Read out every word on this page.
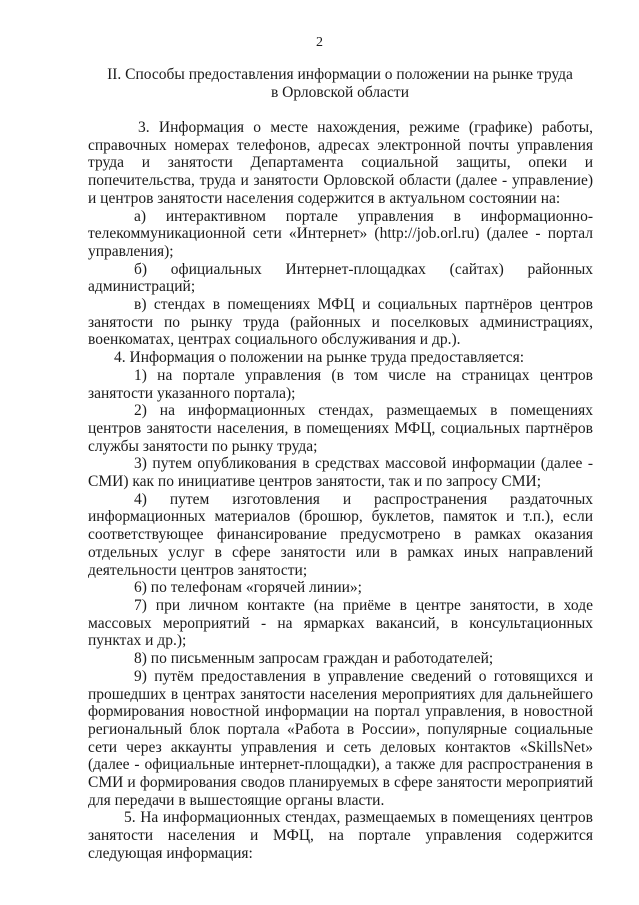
2
II. Способы предоставления информации о положении на рынке труда
в Орловской области

3. Информация о месте нахождения, режиме (графике) работы, справочных номерах телефонов, адресах электронной почты управления труда и занятости Департамента социальной защиты, опеки и попечительства, труда и занятости Орловской области (далее - управление) и центров занятости населения содержится в актуальном состоянии на:

а) интерактивном портале управления в информационно-телекоммуникационной сети «Интернет» (http://job.orl.ru) (далее - портал управления);

б) официальных Интернет-площадках (сайтах) районных администраций;

в) стендах в помещениях МФЦ и социальных партнёров центров занятости по рынку труда (районных и поселковых администрациях, военкоматах, центрах социального обслуживания и др.).

4. Информация о положении на рынке труда предоставляется:

1) на портале управления (в том числе на страницах центров занятости указанного портала);

2) на информационных стендах, размещаемых в помещениях центров занятости населения, в помещениях МФЦ, социальных партнёров службы занятости по рынку труда;

3) путем опубликования в средствах массовой информации (далее - СМИ) как по инициативе центров занятости, так и по запросу СМИ;

4) путем изготовления и распространения раздаточных информационных материалов (брошюр, буклетов, памяток и т.п.), если соответствующее финансирование предусмотрено в рамках оказания отдельных услуг в сфере занятости или в рамках иных направлений деятельности центров занятости;

6) по телефонам «горячей линии»;

7) при личном контакте (на приёме в центре занятости, в ходе массовых мероприятий - на ярмарках вакансий, в консультационных пунктах и др.);

8) по письменным запросам граждан и работодателей;

9) путём предоставления в управление сведений о готовящихся и прошедших в центрах занятости населения мероприятиях для дальнейшего формирования новостной информации на портал управления, в новостной региональный блок портала «Работа в России», популярные социальные сети через аккаунты управления и сеть деловых контактов «SkillsNet» (далее - официальные интернет-площадки), а также для распространения в СМИ и формирования сводов планируемых в сфере занятости мероприятий для передачи в вышестоящие органы власти.

5. На информационных стендах, размещаемых в помещениях центров занятости населения и МФЦ, на портале управления содержится следующая информация:
